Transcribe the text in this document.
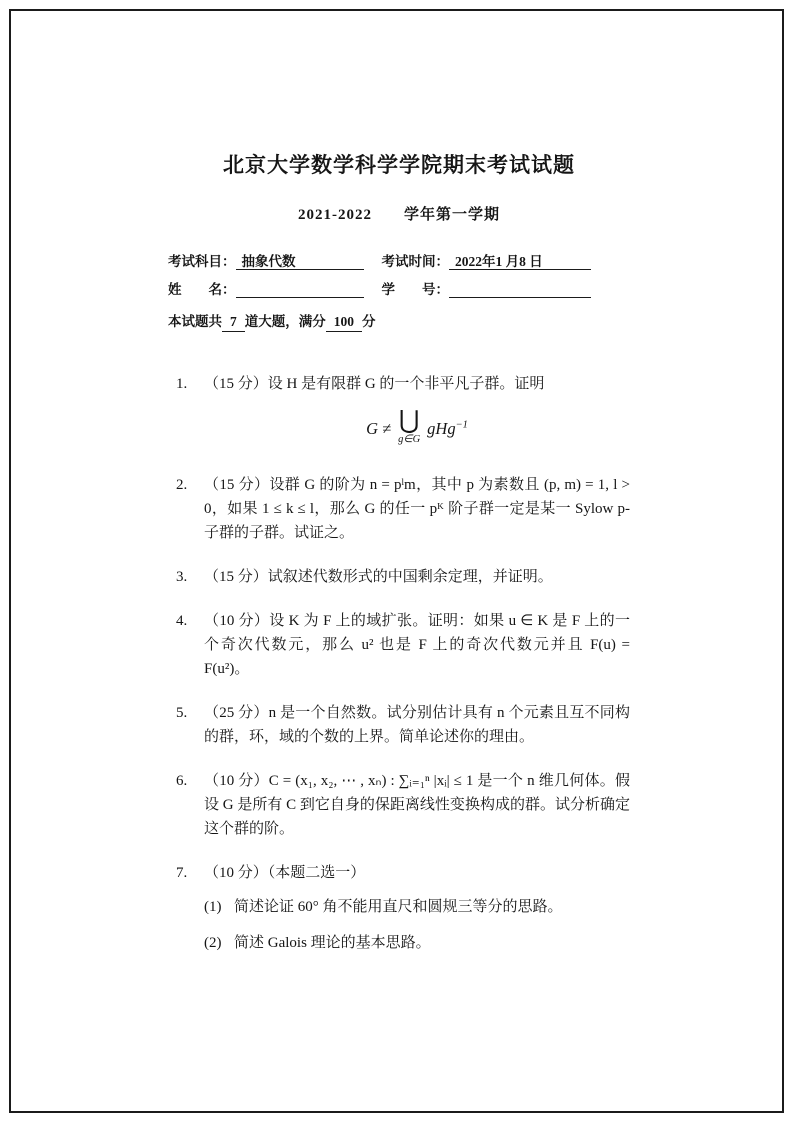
北京大学数学科学学院期末考试试题
2021-2022　　学年第一学期
考试科目： 抽象代数	考试时间： 2022年1 月8 日
姓　　名：	学　　号：
本试题共 7 道大题，满分 100 分
1.	（15 分）设 H 是有限群 G 的一个非平凡子群。证明
G ≠ ⋃
g∈G
gHg$^{-1}$
2.	（15 分）设群 G 的阶为 n = pˡm，其中 p 为素数且 (p, m) = 1, l > 0，如果 1 ≤ k ≤ l，那么 G 的任一 pᴷ 阶子群一定是某一 Sylow p-子群的子群。试证之。
3.	（15 分）试叙述代数形式的中国剩余定理，并证明。
4.	（10 分）设 K 为 F 上的域扩张。证明：如果 u ∈ K 是 F 上的一个奇次代数元，那么 u² 也是 F 上的奇次代数元并且 F(u) = F(u²)。
5.	（25 分）n 是一个自然数。试分别估计具有 n 个元素且互不同构的群，环，域的个数的上界。简单论述你的理由。
6.	（10 分）C = (x₁, x₂, ⋯ , xₙ) : ∑ᵢ₌₁ⁿ |xᵢ| ≤ 1 是一个 n 维几何体。假设 G 是所有 C 到它自身的保距离线性变换构成的群。试分析确定这个群的阶。
7.	（10 分）（本题二选一）
(1) 简述论证 60° 角不能用直尺和圆规三等分的思路。
(2) 简述 Galois 理论的基本思路。
